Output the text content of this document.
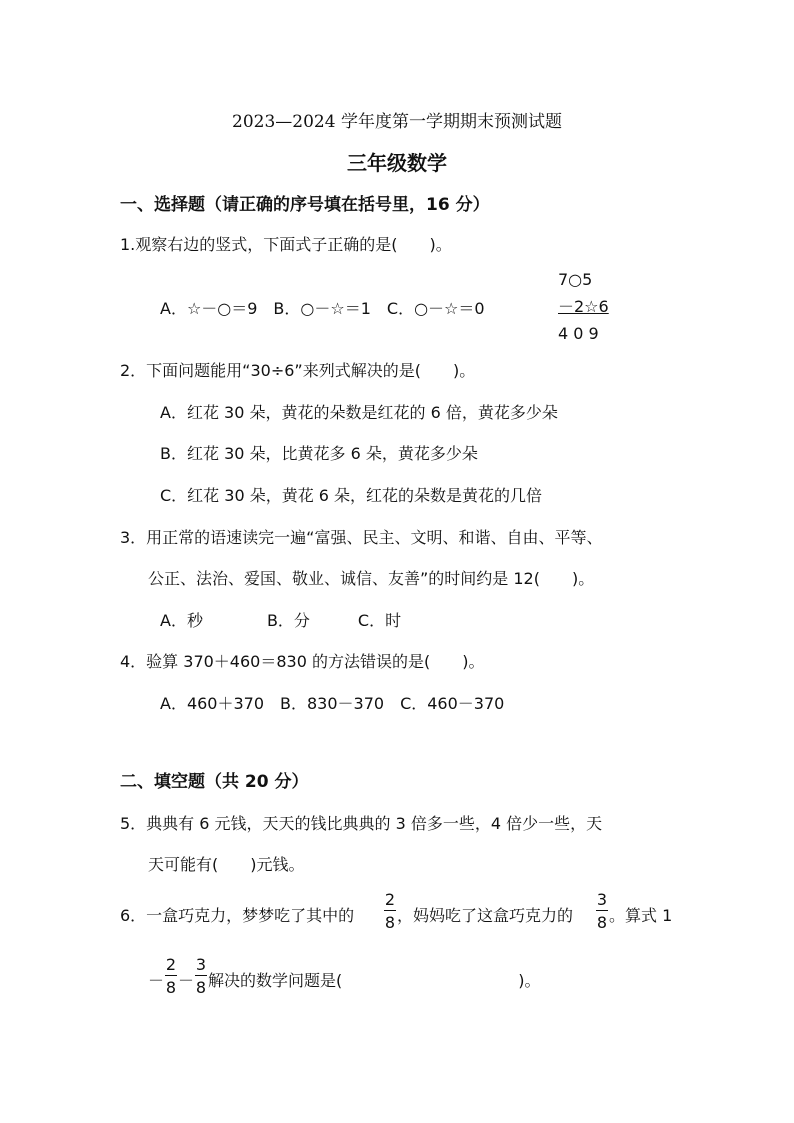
2023—2024 学年度第一学期期末预测试题
三年级数学
一、选择题（请正确的序号填在括号里，16 分）
1.观察右边的竖式，下面式子正确的是(　　)。
A．☆－○＝9　B．○－☆＝1　C．○－☆＝0
7○5
－2☆6
4 0 9
2．下面问题能用“30÷6”来列式解决的是(　　)。
A．红花 30 朵，黄花的朵数是红花的 6 倍，黄花多少朵
B．红花 30 朵，比黄花多 6 朵，黄花多少朵
C．红花 30 朵，黄花 6 朵，红花的朵数是黄花的几倍
3．用正常的语速读完一遍“富强、民主、文明、和谐、自由、平等、
公正、法治、爱国、敬业、诚信、友善”的时间约是 12(　　)。
A．秒　　　　B．分　　　C．时
4．验算 370＋460＝830 的方法错误的是(　　)。
A．460＋370　B．830－370　C．460－370
二、填空题（共 20 分）
5．典典有 6 元钱，天天的钱比典典的 3 倍多一些，4 倍少一些，天
天可能有(　　)元钱。
6．一盒巧克力，梦梦吃了其中的
2
8 ，妈妈吃了这盒巧克力的
3
8 。算式 1
－
2
8 －
3
8 解决的数学问题是(　　　　　　　　　　　)。
